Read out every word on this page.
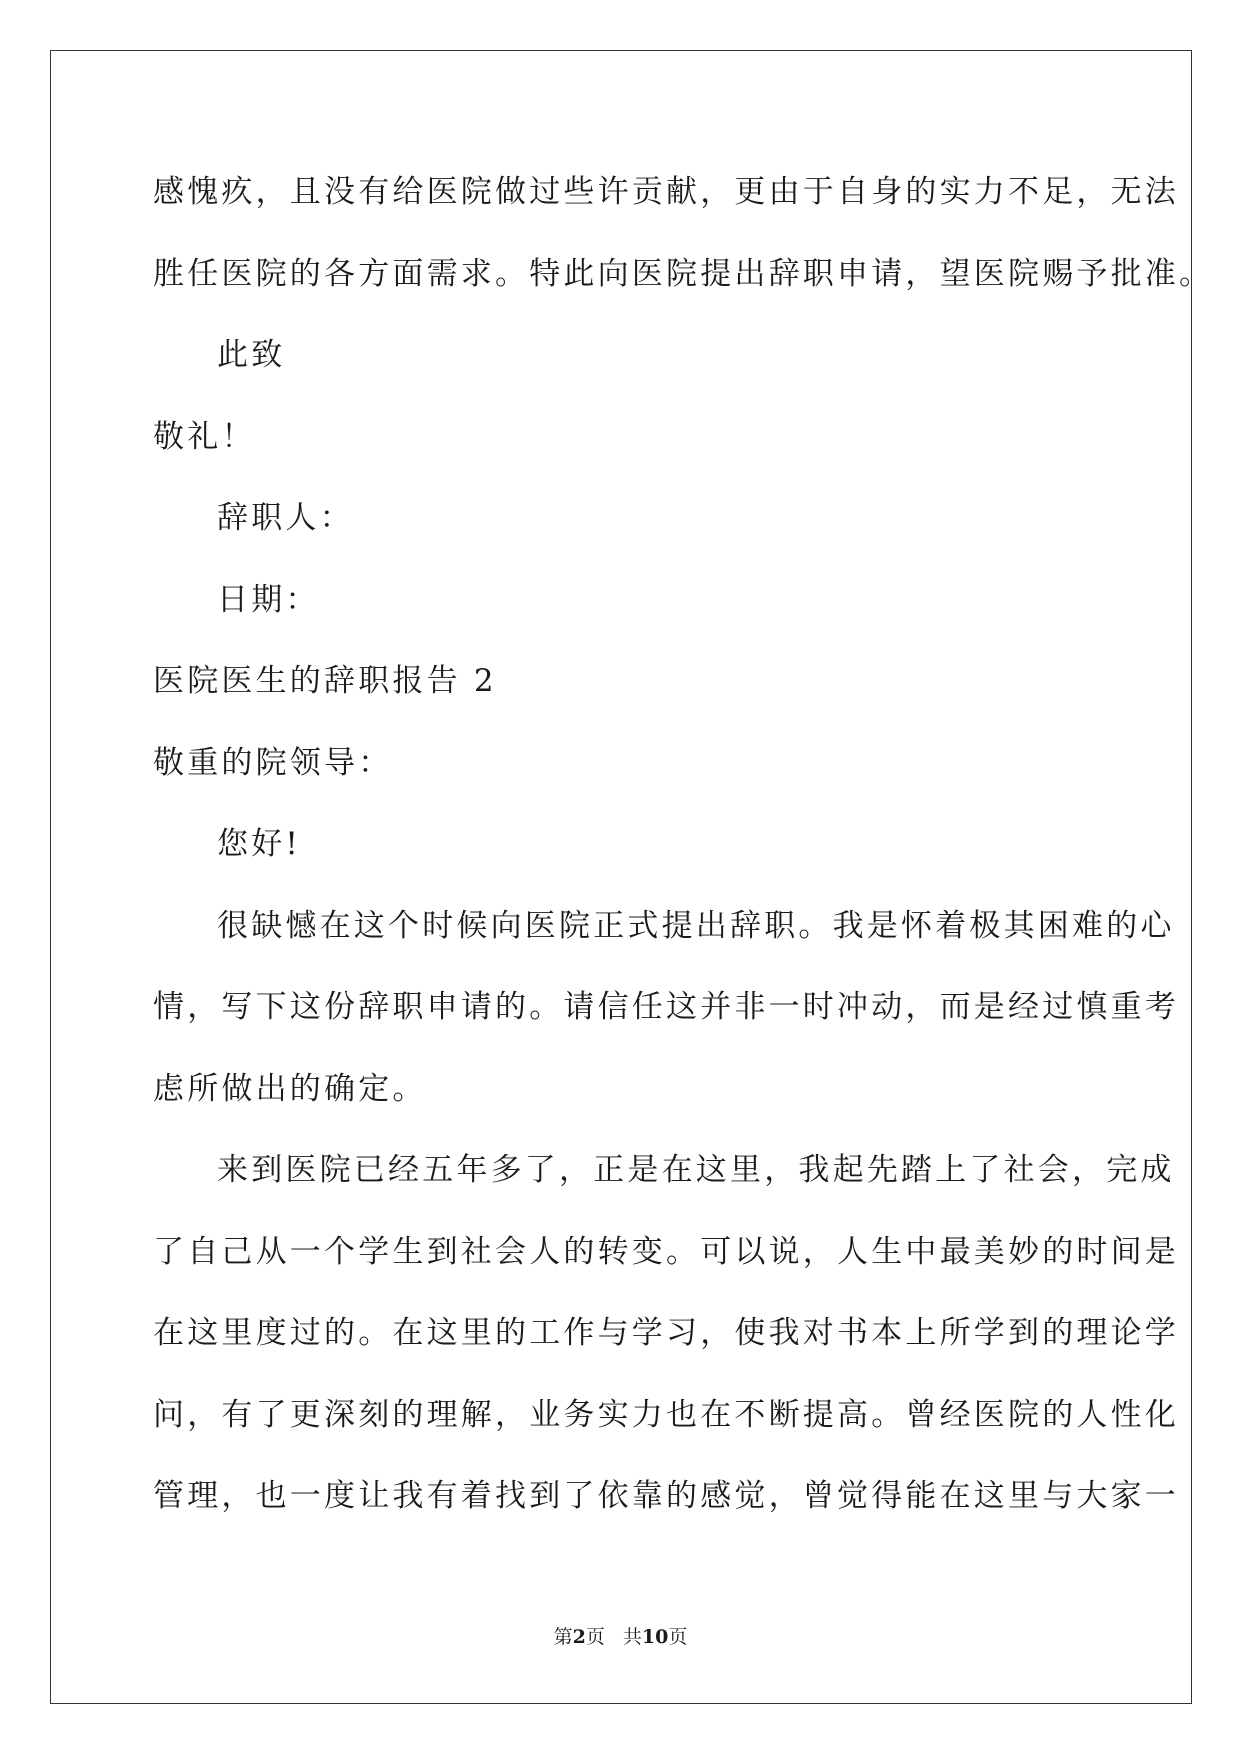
感愧疚，且没有给医院做过些许贡献，更由于自身的实力不足，无法
胜任医院的各方面需求。特此向医院提出辞职申请，望医院赐予批准。
此致
敬礼！
辞职人：
日期：
医院医生的辞职报告 2
敬重的院领导：
您好!
很缺憾在这个时候向医院正式提出辞职。我是怀着极其困难的心
情，写下这份辞职申请的。请信任这并非一时冲动，而是经过慎重考
虑所做出的确定。
来到医院已经五年多了，正是在这里，我起先踏上了社会，完成
了自己从一个学生到社会人的转变。可以说，人生中最美妙的时间是
在这里度过的。在这里的工作与学习，使我对书本上所学到的理论学
问，有了更深刻的理解，业务实力也在不断提高。曾经医院的人性化
管理，也一度让我有着找到了依靠的感觉，曾觉得能在这里与大家一
第2页 共10页
